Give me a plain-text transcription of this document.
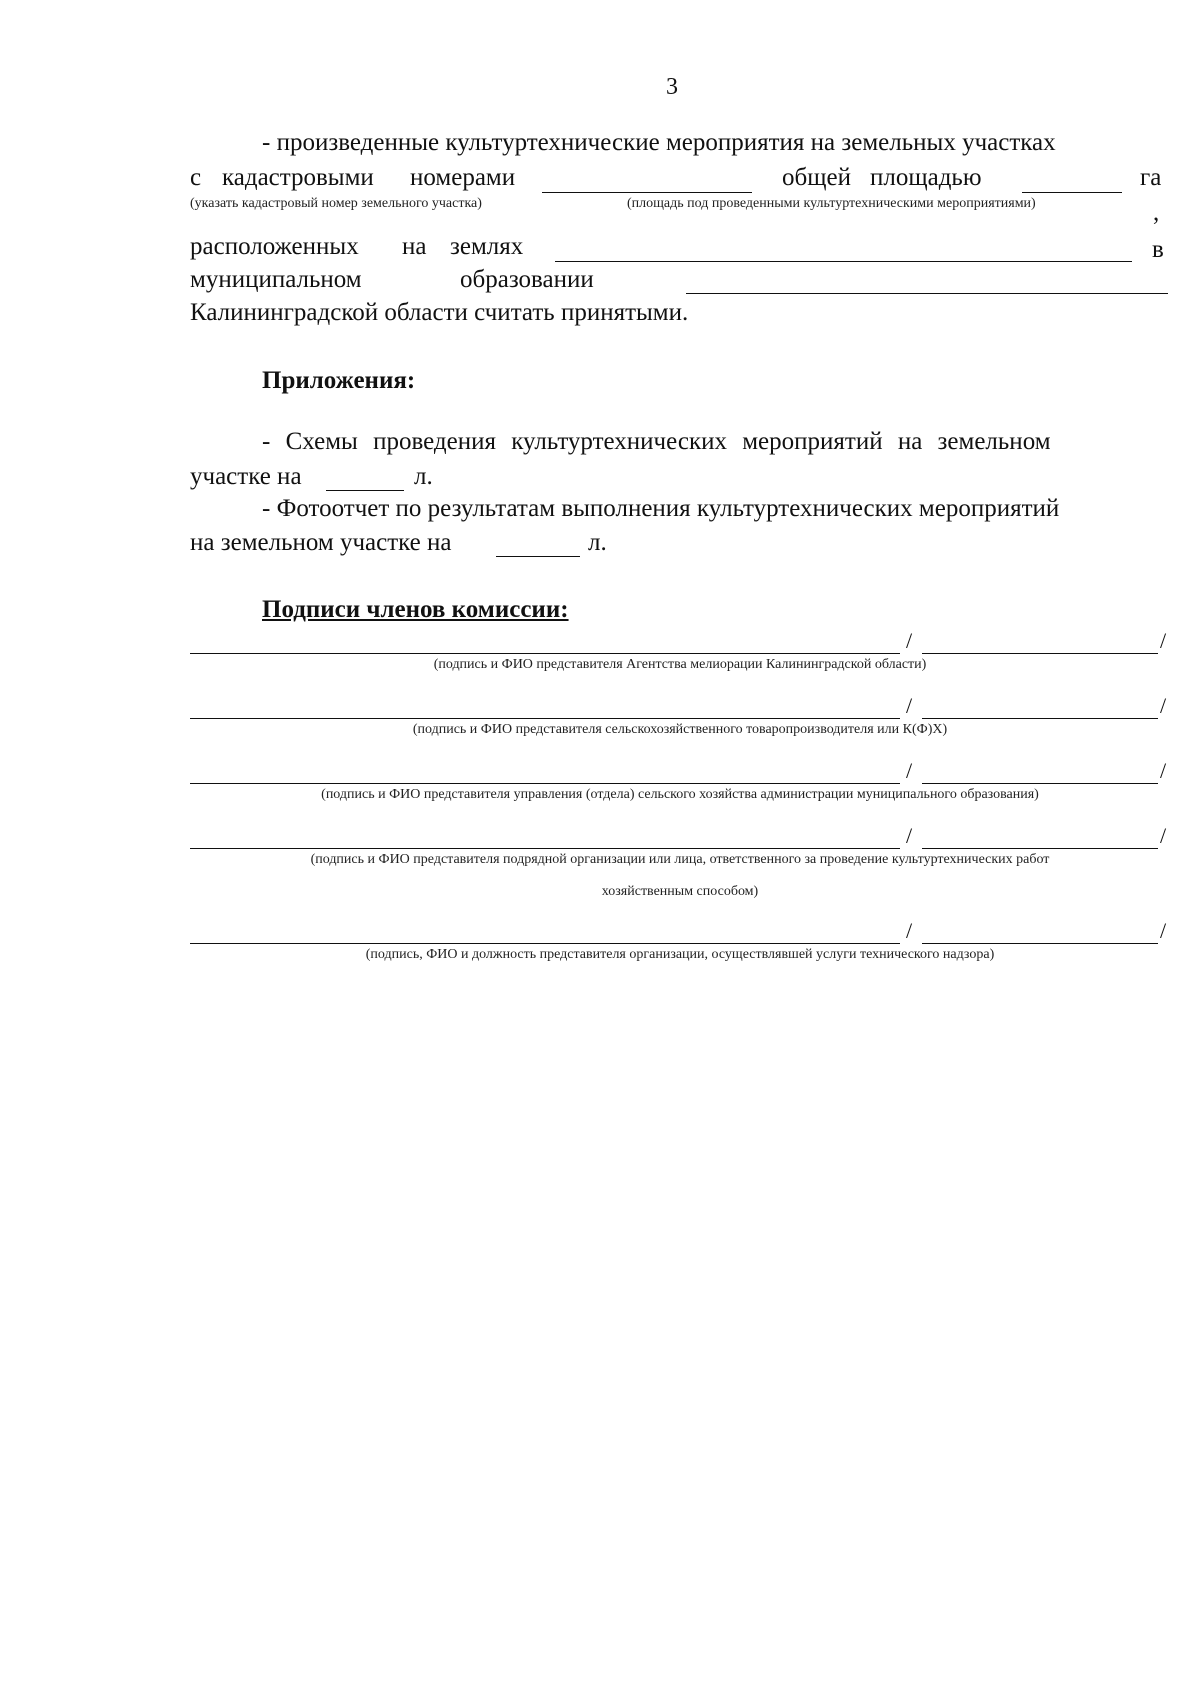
3
- произведенные культуртехнические мероприятия на земельных участках
с кадастровыми номерами	общей площадью	га
(указать кадастровый номер земельного участка)	(площадь под проведенными культуртехническими мероприятиями)	,
расположенных на землях	в
муниципальном	образовании
Калининградской области считать принятыми.
Приложения:
- Схемы проведения культуртехнических мероприятий на земельном
участке на	л.
- Фотоотчет по результатам выполнения культуртехнических мероприятий
на земельном участке на	л.
Подписи членов комиссии:
/	/
(подпись и ФИО представителя Агентства мелиорации Калининградской области)
/	/
(подпись и ФИО представителя сельскохозяйственного товаропроизводителя или К(Ф)Х)
/	/
(подпись и ФИО представителя управления (отдела) сельского хозяйства администрации муниципального образования)
/	/
(подпись и ФИО представителя подрядной организации или лица, ответственного за проведение культуртехнических работ
хозяйственным способом)
/	/
(подпись, ФИО и должность представителя организации, осуществлявшей услуги технического надзора)
